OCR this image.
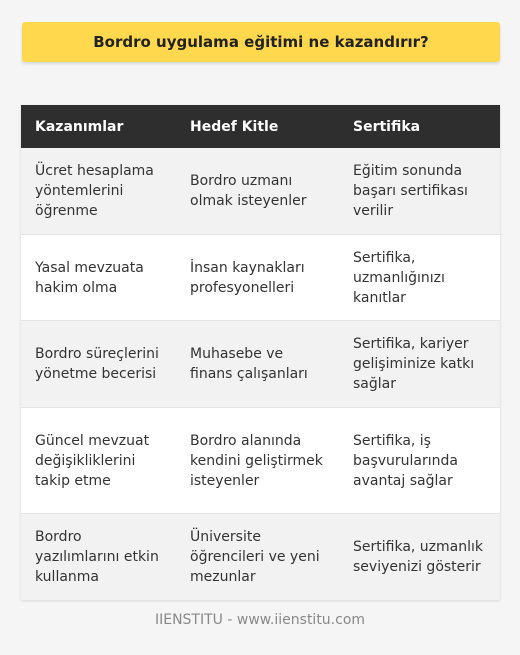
Bordro uygulama eğitimi ne kazandırır?
Kazanımlar	Hedef Kitle	Sertifika
Ücret hesaplama yöntemlerini öğrenme
Bordro uzmanı olmak isteyenler
Eğitim sonunda başarı sertifikası verilir
Yasal mevzuata hakim olma
İnsan kaynakları profesyonelleri
Sertifika, uzmanlığınızı kanıtlar
Bordro süreçlerini yönetme becerisi
Muhasebe ve finans çalışanları
Sertifika, kariyer gelişiminize katkı sağlar
Güncel mevzuat değişikliklerini takip etme
Bordro alanında kendini geliştirmek isteyenler
Sertifika, iş başvurularında avantaj sağlar
Bordro yazılımlarını etkin kullanma
Üniversite öğrencileri ve yeni mezunlar
Sertifika, uzmanlık seviyenizi gösterir
IIENSTITU - www.iienstitu.com
